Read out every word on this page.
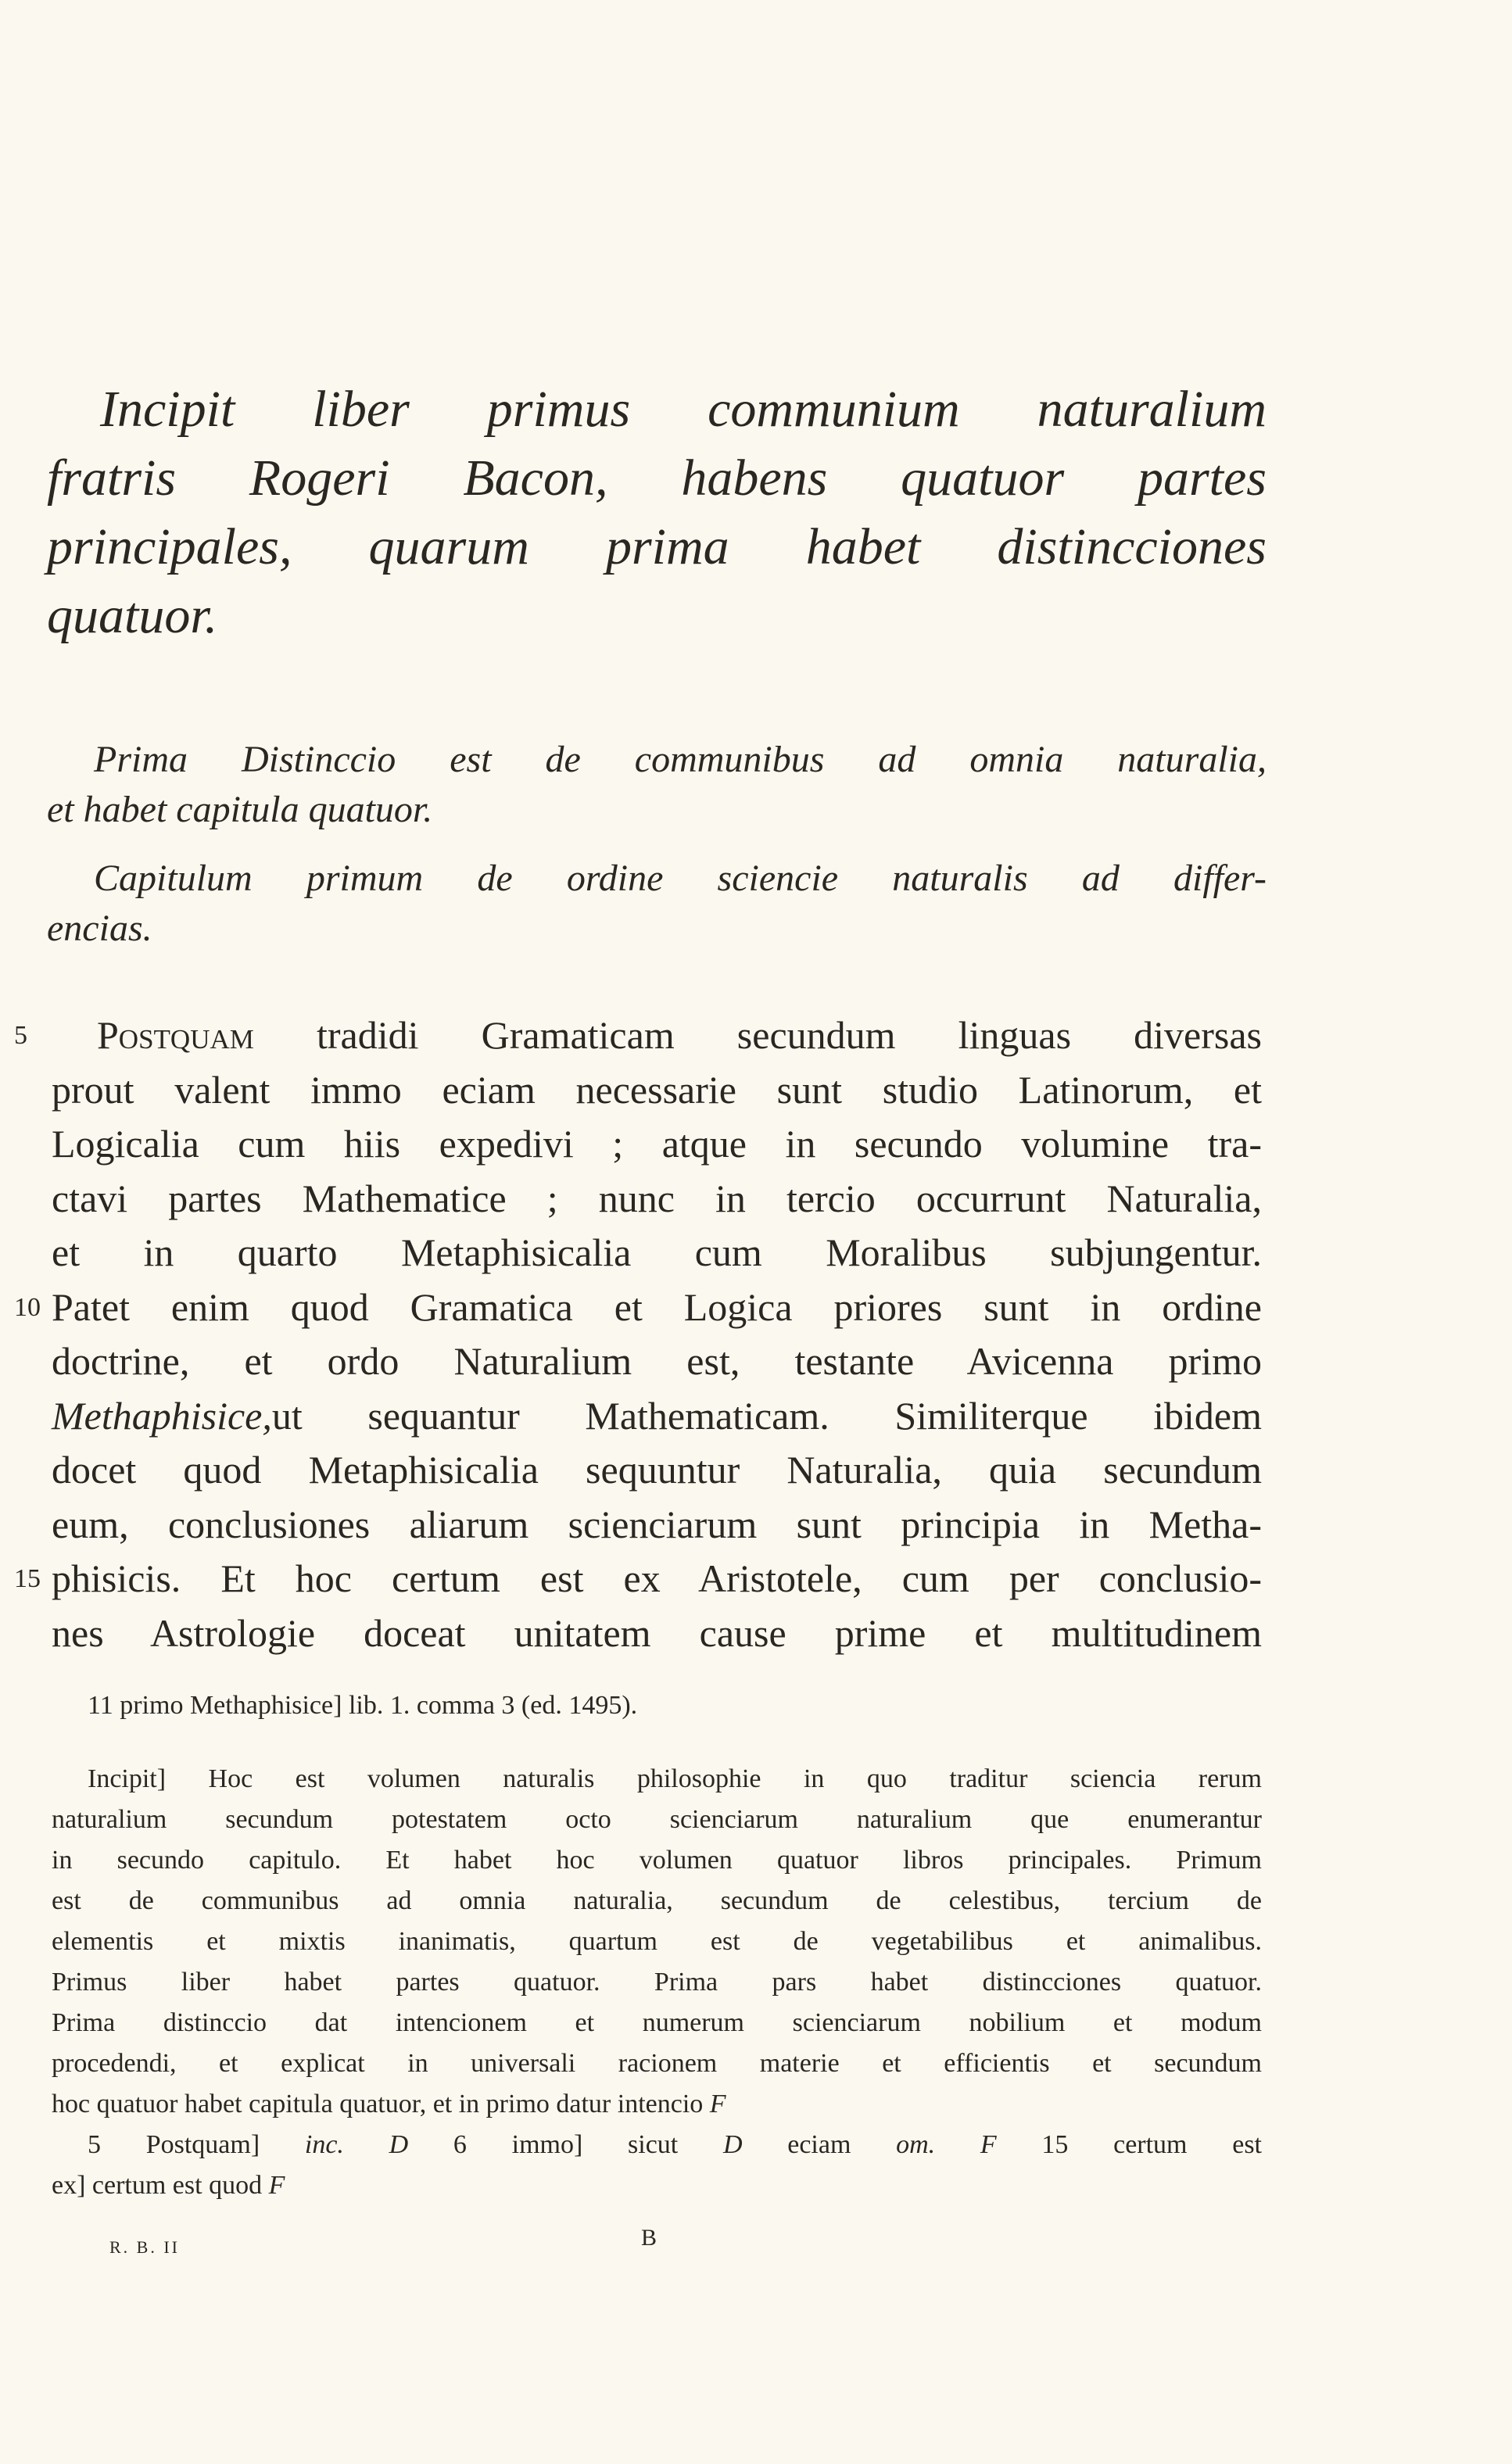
Incipit liber primus communium naturalium
fratris Rogeri Bacon, habens quatuor partes
principales, quarum prima habet distincciones
quatuor.
Prima Distinccio est de communibus ad omnia naturalia,
et habet capitula quatuor.
Capitulum primum de ordine sciencie naturalis ad differ-
encias.
5 Postquam tradidi Gramaticam secundum linguas diversas
prout valent immo eciam necessarie sunt studio Latinorum, et
Logicalia cum hiis expedivi ; atque in secundo volumine tra-
ctavi partes Mathematice ; nunc in tercio occurrunt Naturalia,
et in quarto Metaphisicalia cum Moralibus subjungentur.
10 Patet enim quod Gramatica et Logica priores sunt in ordine
doctrine, et ordo Naturalium est, testante Avicenna primo
Methaphisice,ut sequantur Mathematicam. Similiterque ibidem
docet quod Metaphisicalia sequuntur Naturalia, quia secundum
eum, conclusiones aliarum scienciarum sunt principia in Metha-
15 phisicis. Et hoc certum est ex Aristotele, cum per conclusio-
nes Astrologie doceat unitatem cause prime et multitudinem
11 primo Methaphisice] lib. 1. comma 3 (ed. 1495).
Incipit] Hoc est volumen naturalis philosophie in quo traditur sciencia rerum
naturalium secundum potestatem octo scienciarum naturalium que enumerantur
in secundo capitulo. Et habet hoc volumen quatuor libros principales. Primum
est de communibus ad omnia naturalia, secundum de celestibus, tercium de
elementis et mixtis inanimatis, quartum est de vegetabilibus et animalibus.
Primus liber habet partes quatuor. Prima pars habet distincciones quatuor.
Prima distinccio dat intencionem et numerum scienciarum nobilium et modum
procedendi, et explicat in universali racionem materie et efficientis et secundum
hoc quatuor habet capitula quatuor, et in primo datur intencio F
5 Postquam] inc. D 6 immo] sicut D eciam om. F 15 certum est
ex] certum est quod F
R. B. II	B
